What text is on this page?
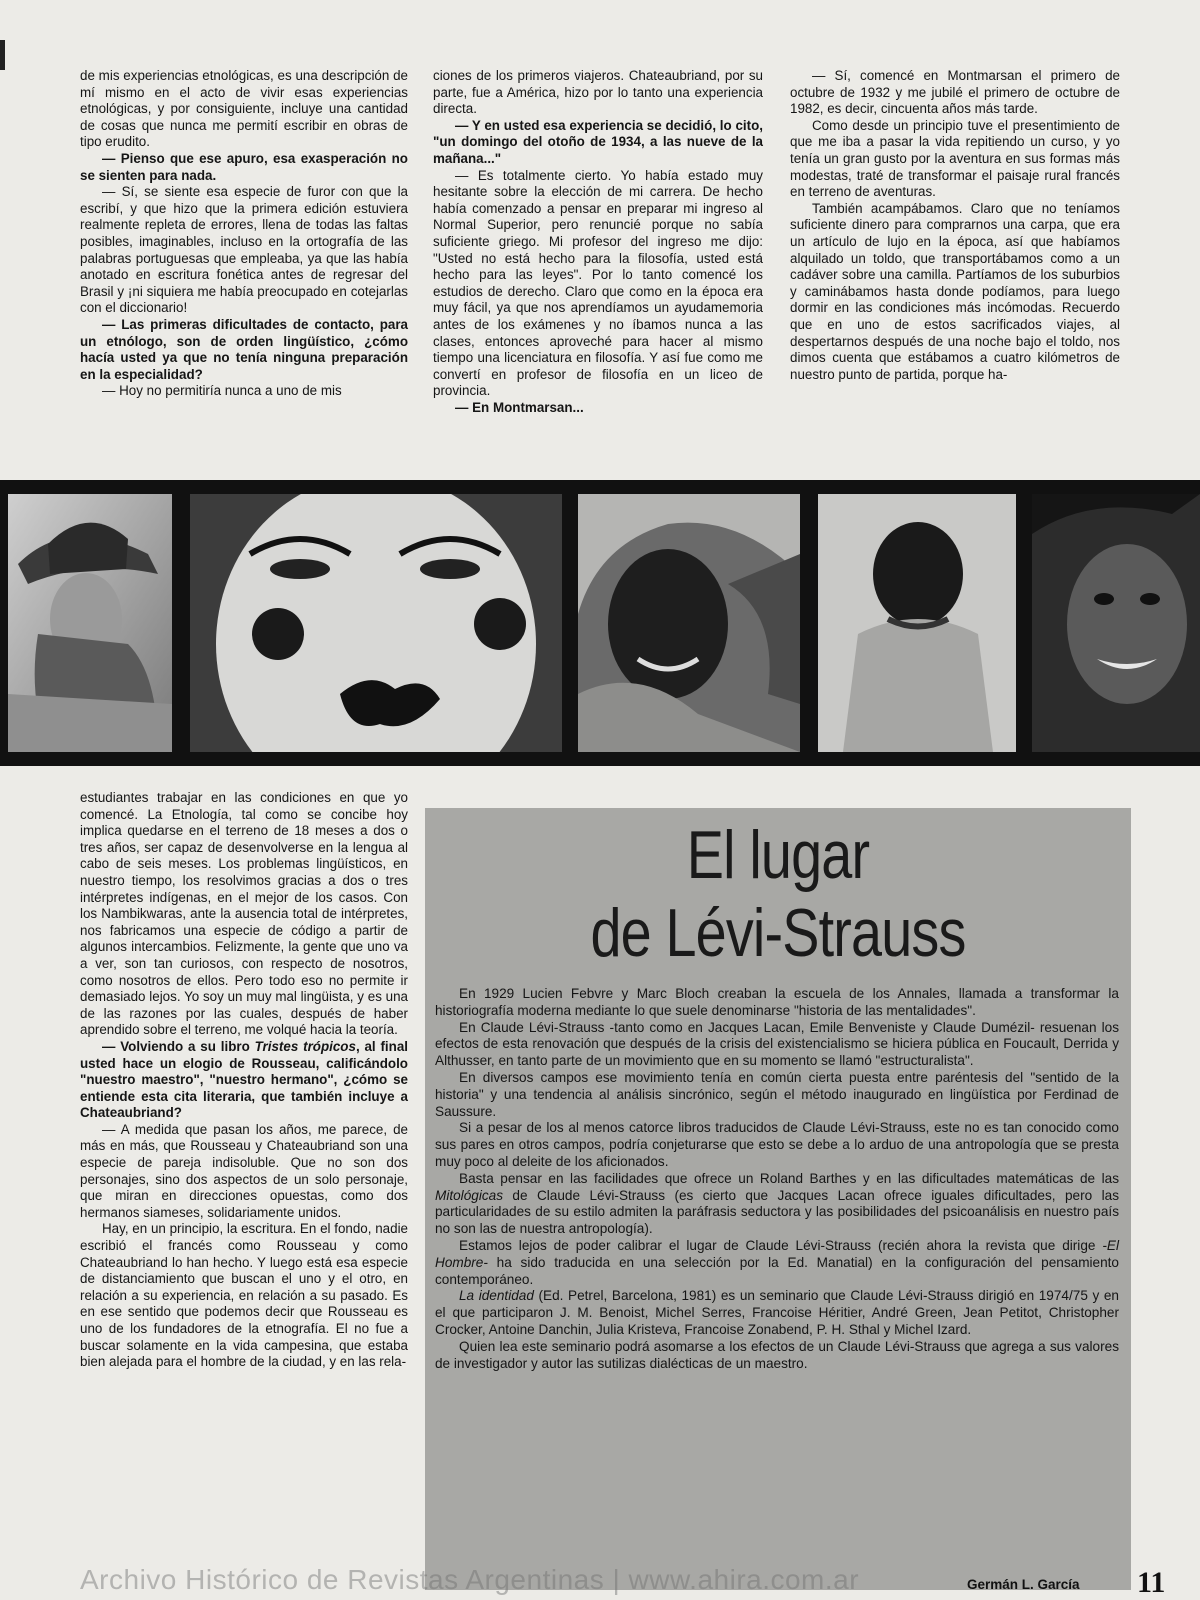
de mis experiencias etnológicas, es una descripción de mí mismo en el acto de vivir esas experiencias etnológicas, y por consiguiente, incluye una cantidad de cosas que nunca me permití escribir en obras de tipo erudito.

— Pienso que ese apuro, esa exasperación no se sienten para nada.

— Sí, se siente esa especie de furor con que la escribí, y que hizo que la primera edición estuviera realmente repleta de errores, llena de todas las faltas posibles, imaginables, incluso en la ortografía de las palabras portuguesas que empleaba, ya que las había anotado en escritura fonética antes de regresar del Brasil y ¡ni siquiera me había preocupado en cotejarlas con el diccionario!

— Las primeras dificultades de contacto, para un etnólogo, son de orden lingüístico, ¿cómo hacía usted ya que no tenía ninguna preparación en la especialidad?

— Hoy no permitiría nunca a uno de mis

ciones de los primeros viajeros. Chateaubriand, por su parte, fue a América, hizo por lo tanto una experiencia directa.

— Y en usted esa experiencia se decidió, lo cito, "un domingo del otoño de 1934, a las nueve de la mañana..."

— Es totalmente cierto. Yo había estado muy hesitante sobre la elección de mi carrera. De hecho había comenzado a pensar en preparar mi ingreso al Normal Superior, pero renuncié porque no sabía suficiente griego. Mi profesor del ingreso me dijo: "Usted no está hecho para la filosofía, usted está hecho para las leyes". Por lo tanto comencé los estudios de derecho. Claro que como en la época era muy fácil, ya que nos aprendíamos un ayudamemoria antes de los exámenes y no íbamos nunca a las clases, entonces aproveché para hacer al mismo tiempo una licenciatura en filosofía. Y así fue como me convertí en profesor de filosofía en un liceo de provincia.

— En Montmarsan...

— Sí, comencé en Montmarsan el primero de octubre de 1932 y me jubilé el primero de octubre de 1982, es decir, cincuenta años más tarde.

Como desde un principio tuve el presentimiento de que me iba a pasar la vida repitiendo un curso, y yo tenía un gran gusto por la aventura en sus formas más modestas, traté de transformar el paisaje rural francés en terreno de aventuras.

También acampábamos. Claro que no teníamos suficiente dinero para comprarnos una carpa, que era un artículo de lujo en la época, así que habíamos alquilado un toldo, que transportábamos como a un cadáver sobre una camilla. Partíamos de los suburbios y caminábamos hasta donde podíamos, para luego dormir en las condiciones más incómodas. Recuerdo que en uno de estos sacrificados viajes, al despertarnos después de una noche bajo el toldo, nos dimos cuenta que estábamos a cuatro kilómetros de nuestro punto de partida, porque ha-

estudiantes trabajar en las condiciones en que yo comencé. La Etnología, tal como se concibe hoy implica quedarse en el terreno de 18 meses a dos o tres años, ser capaz de desenvolverse en la lengua al cabo de seis meses. Los problemas lingüísticos, en nuestro tiempo, los resolvimos gracias a dos o tres intérpretes indígenas, en el mejor de los casos. Con los Nambikwaras, ante la ausencia total de intérpretes, nos fabricamos una especie de código a partir de algunos intercambios. Felizmente, la gente que uno va a ver, son tan curiosos, con respecto de nosotros, como nosotros de ellos. Pero todo eso no permite ir demasiado lejos. Yo soy un muy mal lingüista, y es una de las razones por las cuales, después de haber aprendido sobre el terreno, me volqué hacia la teoría.

— Volviendo a su libro Tristes trópicos, al final usted hace un elogio de Rousseau, calificándolo "nuestro maestro", "nuestro hermano", ¿cómo se entiende esta cita literaria, que también incluye a Chateaubriand?

— A medida que pasan los años, me parece, de más en más, que Rousseau y Chateaubriand son una especie de pareja indisoluble. Que no son dos personajes, sino dos aspectos de un solo personaje, que miran en direcciones opuestas, como dos hermanos siameses, solidariamente unidos.

Hay, en un principio, la escritura. En el fondo, nadie escribió el francés como Rousseau y como Chateaubriand lo han hecho. Y luego está esa especie de distanciamiento que buscan el uno y el otro, en relación a su experiencia, en relación a su pasado. Es en ese sentido que podemos decir que Rousseau es uno de los fundadores de la etnografía. El no fue a buscar solamente en la vida campesina, que estaba bien alejada para el hombre de la ciudad, y en las rela-

El lugar
de Lévi-Strauss

En 1929 Lucien Febvre y Marc Bloch creaban la escuela de los Annales, llamada a transformar la historiografía moderna mediante lo que suele denominarse "historia de las mentalidades".

En Claude Lévi-Strauss -tanto como en Jacques Lacan, Emile Benveniste y Claude Dumézil- resuenan los efectos de esta renovación que después de la crisis del existencialismo se hiciera pública en Foucault, Derrida y Althusser, en tanto parte de un movimiento que en su momento se llamó "estructuralista".

En diversos campos ese movimiento tenía en común cierta puesta entre paréntesis del "sentido de la historia" y una tendencia al análisis sincrónico, según el método inaugurado en lingüística por Ferdinad de Saussure.

Si a pesar de los al menos catorce libros traducidos de Claude Lévi-Strauss, este no es tan conocido como sus pares en otros campos, podría conjeturarse que esto se debe a lo arduo de una antropología que se presta muy poco al deleite de los aficionados.

Basta pensar en las facilidades que ofrece un Roland Barthes y en las dificultades matemáticas de las Mitológicas de Claude Lévi-Strauss (es cierto que Jacques Lacan ofrece iguales dificultades, pero las particularidades de su estilo admiten la paráfrasis seductora y las posibilidades del psicoanálisis en nuestro país no son las de nuestra antropología).

Estamos lejos de poder calibrar el lugar de Claude Lévi-Strauss (recién ahora la revista que dirige -El Hombre- ha sido traducida en una selección por la Ed. Manatial) en la configuración del pensamiento contemporáneo.

La identidad (Ed. Petrel, Barcelona, 1981) es un seminario que Claude Lévi-Strauss dirigió en 1974/75 y en el que participaron J. M. Benoist, Michel Serres, Francoise Héritier, André Green, Jean Petitot, Christopher Crocker, Antoine Danchin, Julia Kristeva, Francoise Zonabend, P. H. Sthal y Michel Izard.

Quien lea este seminario podrá asomarse a los efectos de un Claude Lévi-Strauss que agrega a sus valores de investigador y autor las sutilizas dialécticas de un maestro.

Archivo Histórico de Revistas Argentinas | www.ahira.com.ar	Germán L. García 11
